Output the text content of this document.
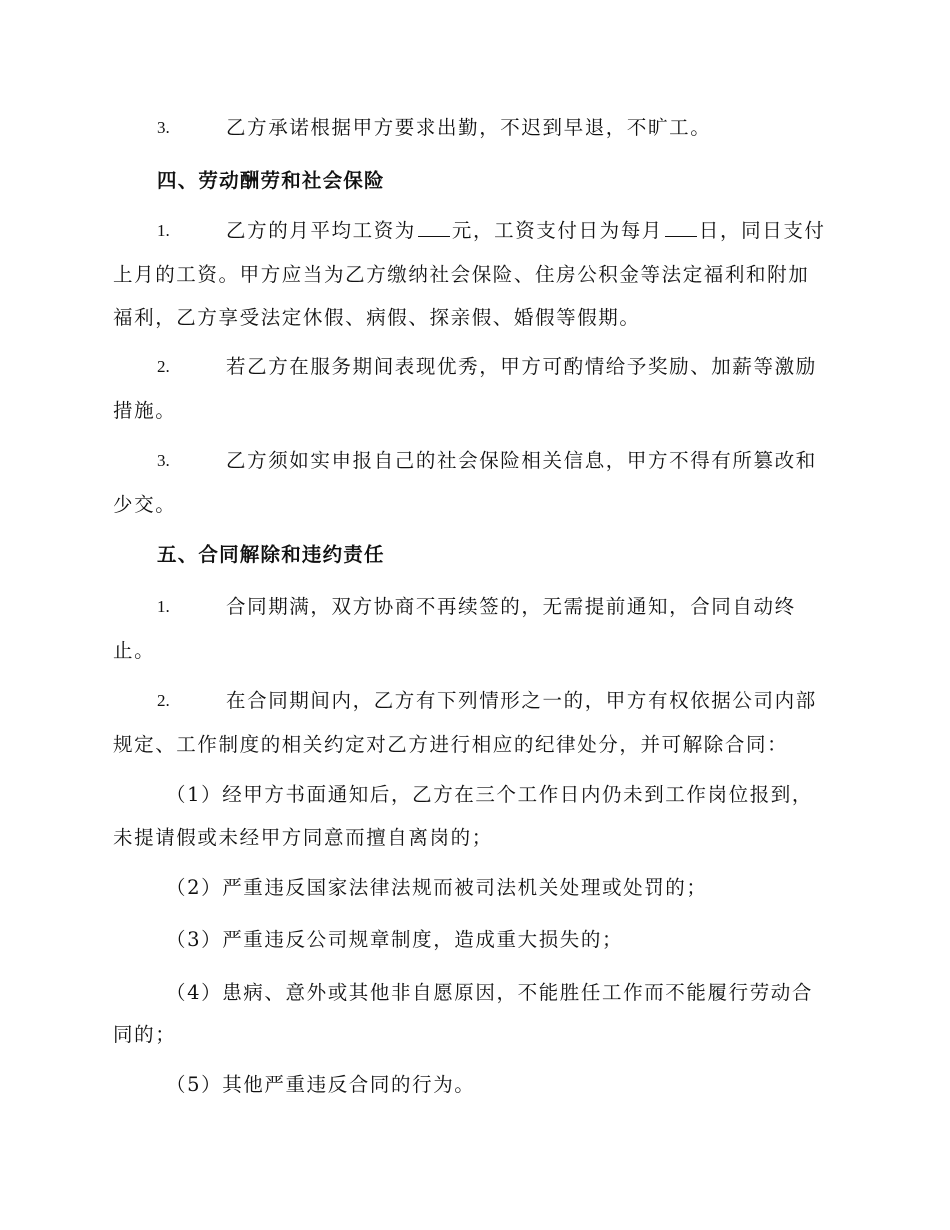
3.	乙方承诺根据甲方要求出勤，不迟到早退，不旷工。
四、劳动酬劳和社会保险
1.	乙方的月平均工资为 元，工资支付日为每月 日，同日支付
上月的工资。甲方应当为乙方缴纳社会保险、住房公积金等法定福利和附加
福利，乙方享受法定休假、病假、探亲假、婚假等假期。
2.	若乙方在服务期间表现优秀，甲方可酌情给予奖励、加薪等激励
措施。
3.	乙方须如实申报自己的社会保险相关信息，甲方不得有所篡改和
少交。
五、合同解除和违约责任
1.	合同期满，双方协商不再续签的，无需提前通知，合同自动终
止。
2.	在合同期间内，乙方有下列情形之一的，甲方有权依据公司内部
规定、工作制度的相关约定对乙方进行相应的纪律处分，并可解除合同：
（1）经甲方书面通知后，乙方在三个工作日内仍未到工作岗位报到，
未提请假或未经甲方同意而擅自离岗的；
（2）严重违反国家法律法规而被司法机关处理或处罚的；
（3）严重违反公司规章制度，造成重大损失的；
（4）患病、意外或其他非自愿原因，不能胜任工作而不能履行劳动合
同的；
（5）其他严重违反合同的行为。
